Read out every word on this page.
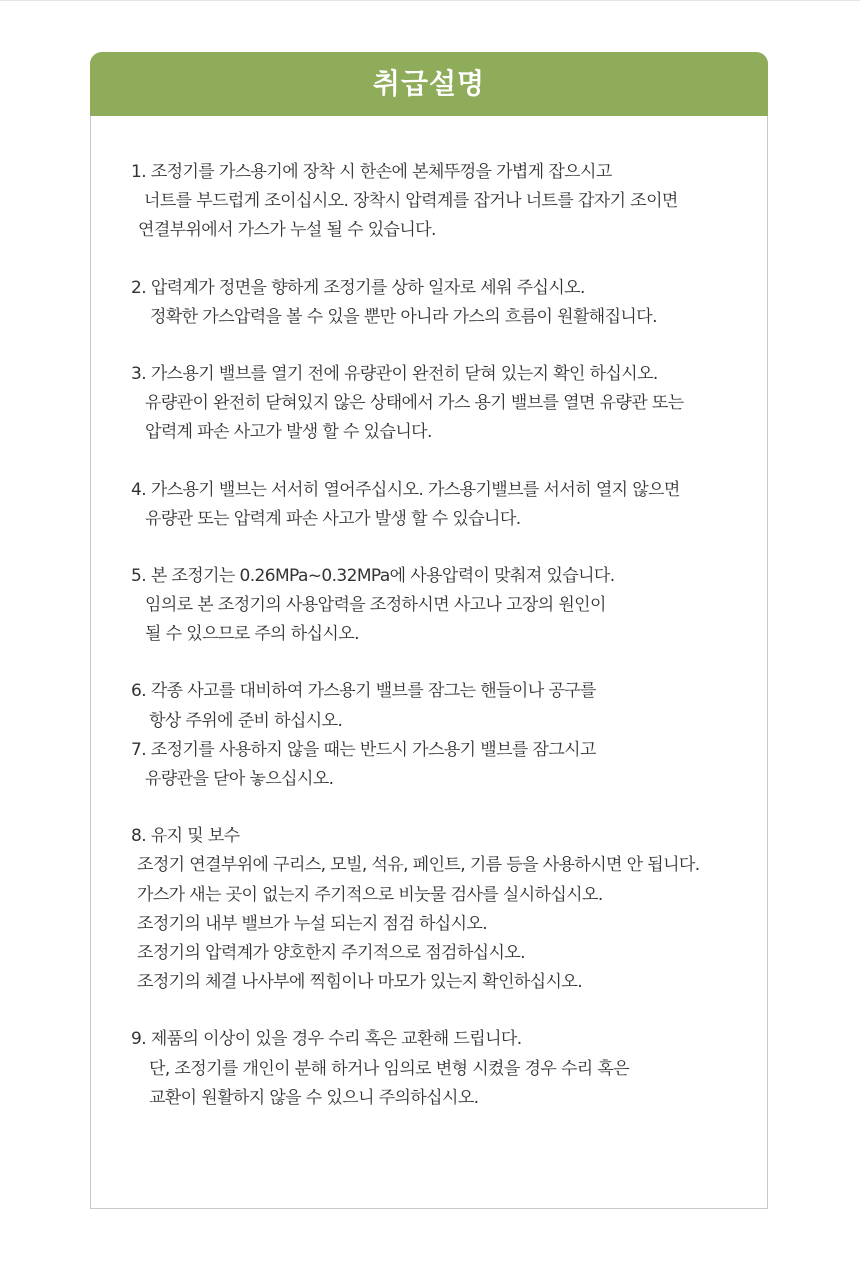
취급설명
1. 조정기를 가스용기에 장착 시 한손에 본체뚜껑을 가볍게 잡으시고
너트를 부드럽게 조이십시오. 장착시 압력계를 잡거나 너트를 갑자기 조이면
연결부위에서 가스가 누설 될 수 있습니다.
2. 압력계가 정면을 향하게 조정기를 상하 일자로 세워 주십시오.
정확한 가스압력을 볼 수 있을 뿐만 아니라 가스의 흐름이 원활해집니다.
3. 가스용기 밸브를 열기 전에 유량관이 완전히 닫혀 있는지 확인 하십시오.
유량관이 완전히 닫혀있지 않은 상태에서 가스 용기 밸브를 열면 유량관 또는
압력계 파손 사고가 발생 할 수 있습니다.
4. 가스용기 밸브는 서서히 열어주십시오. 가스용기밸브를 서서히 열지 않으면
유량관 또는 압력계 파손 사고가 발생 할 수 있습니다.
5. 본 조정기는 0.26MPa~0.32MPa에 사용압력이 맞춰져 있습니다.
임의로 본 조정기의 사용압력을 조정하시면 사고나 고장의 원인이
될 수 있으므로 주의 하십시오.
6. 각종 사고를 대비하여 가스용기 밸브를 잠그는 핸들이나 공구를
항상 주위에 준비 하십시오.
7. 조정기를 사용하지 않을 때는 반드시 가스용기 밸브를 잠그시고
유량관을 닫아 놓으십시오.
8. 유지 및 보수
조정기 연결부위에 구리스, 모빌, 석유, 페인트, 기름 등을 사용하시면 안 됩니다.
가스가 새는 곳이 없는지 주기적으로 비눗물 검사를 실시하십시오.
조정기의 내부 밸브가 누설 되는지 점검 하십시오.
조정기의 압력계가 양호한지 주기적으로 점검하십시오.
조정기의 체결 나사부에 찍힘이나 마모가 있는지 확인하십시오.
9. 제품의 이상이 있을 경우 수리 혹은 교환해 드립니다.
단, 조정기를 개인이 분해 하거나 임의로 변형 시켰을 경우 수리 혹은
교환이 원활하지 않을 수 있으니 주의하십시오.
